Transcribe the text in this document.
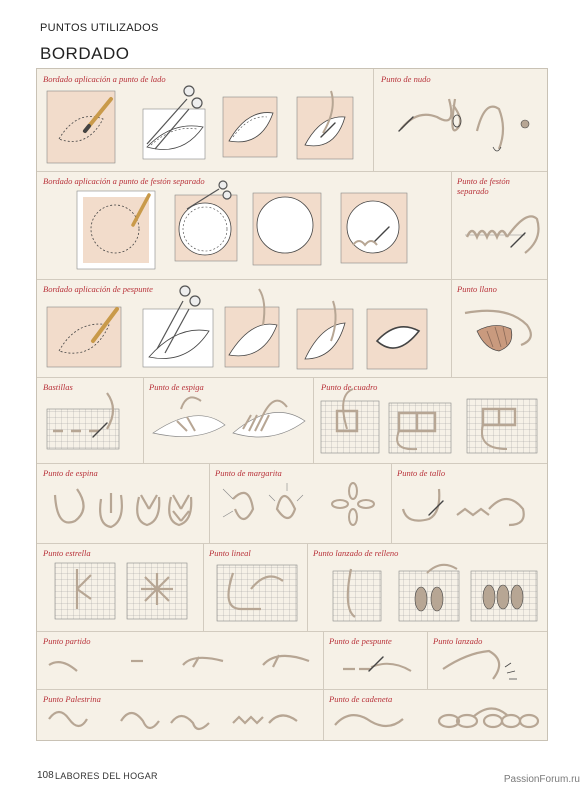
PUNTOS UTILIZADOS
BORDADO
Bordado aplicación a punto de lado	Punto de nudo
Bordado aplicación a punto de festón separado	Punto de festón separado
Bordado aplicación de pespunte	Punto llano
Bastillas	Punto de espiga	Punto de cuadro
Punto de espina	Punto de margarita	Punto de tallo
Punto estrella	Punto lineal	Punto lanzado de relleno
Punto partido	Punto de pespunte	Punto lanzado
Punto Palestrina	Punto de cadeneta
108 LABORES DEL HOGAR	PassionForum.ru
